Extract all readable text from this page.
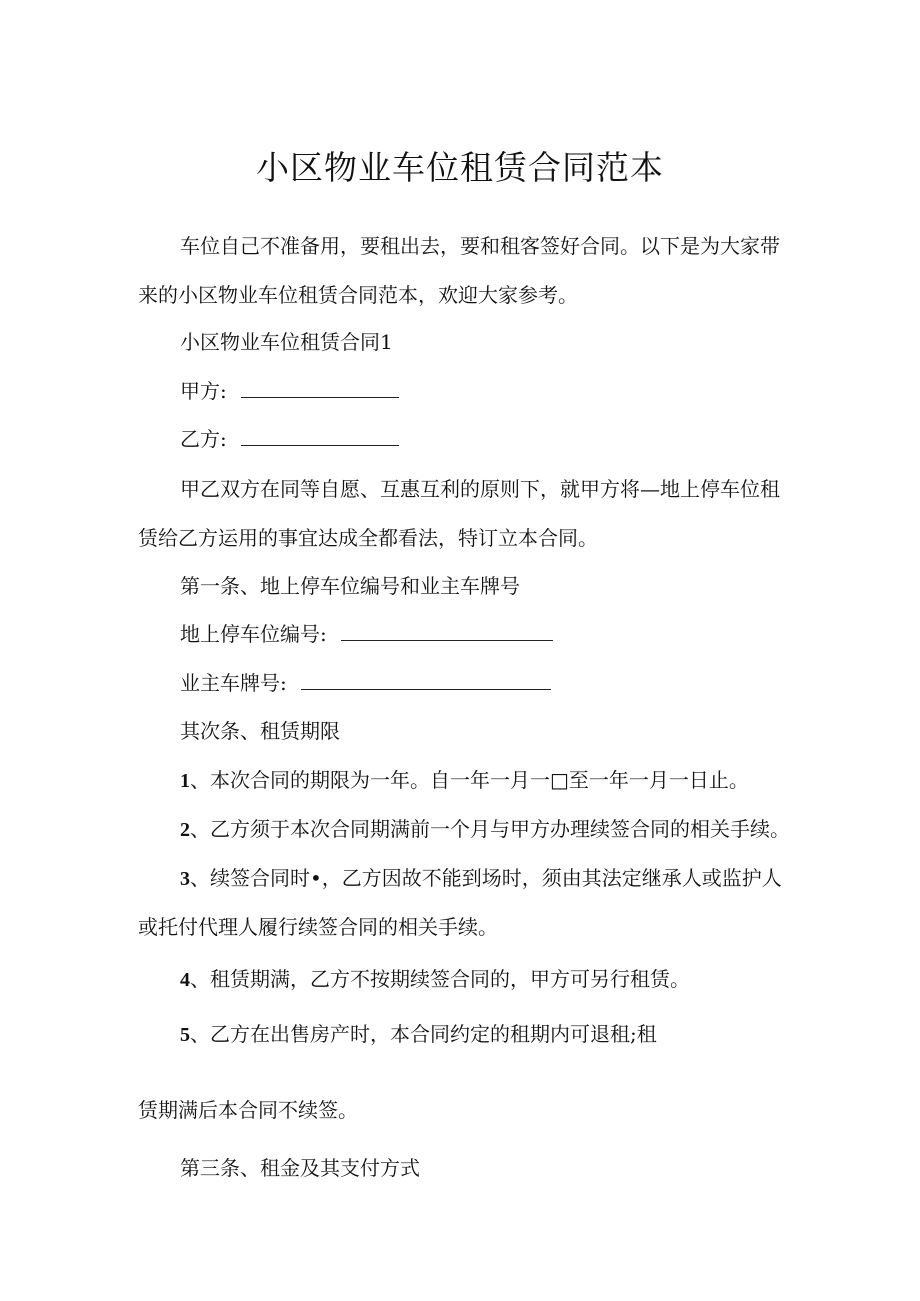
小区物业车位租赁合同范本
车位自己不准备用，要租出去，要和租客签好合同。以下是为大家带
来的小区物业车位租赁合同范本，欢迎大家参考。
小区物业车位租赁合同1
甲方:
乙方:
甲乙双方在同等自愿、互惠互利的原则下，就甲方将—地上停车位租
赁给乙方运用的事宜达成全都看法，特订立本合同。
第一条、地上停车位编号和业主车牌号
地上停车位编号:
业主车牌号:
其次条、租赁期限
1、本次合同的期限为一年。自一年一月一□至一年一月一日止。
2、乙方须于本次合同期满前一个月与甲方办理续签合同的相关手续。
3、续签合同时•，乙方因故不能到场时，须由其法定继承人或监护人
或托付代理人履行续签合同的相关手续。
4、租赁期满，乙方不按期续签合同的，甲方可另行租赁。
5、乙方在出售房产时，本合同约定的租期内可退租;租
赁期满后本合同不续签。
第三条、租金及其支付方式
